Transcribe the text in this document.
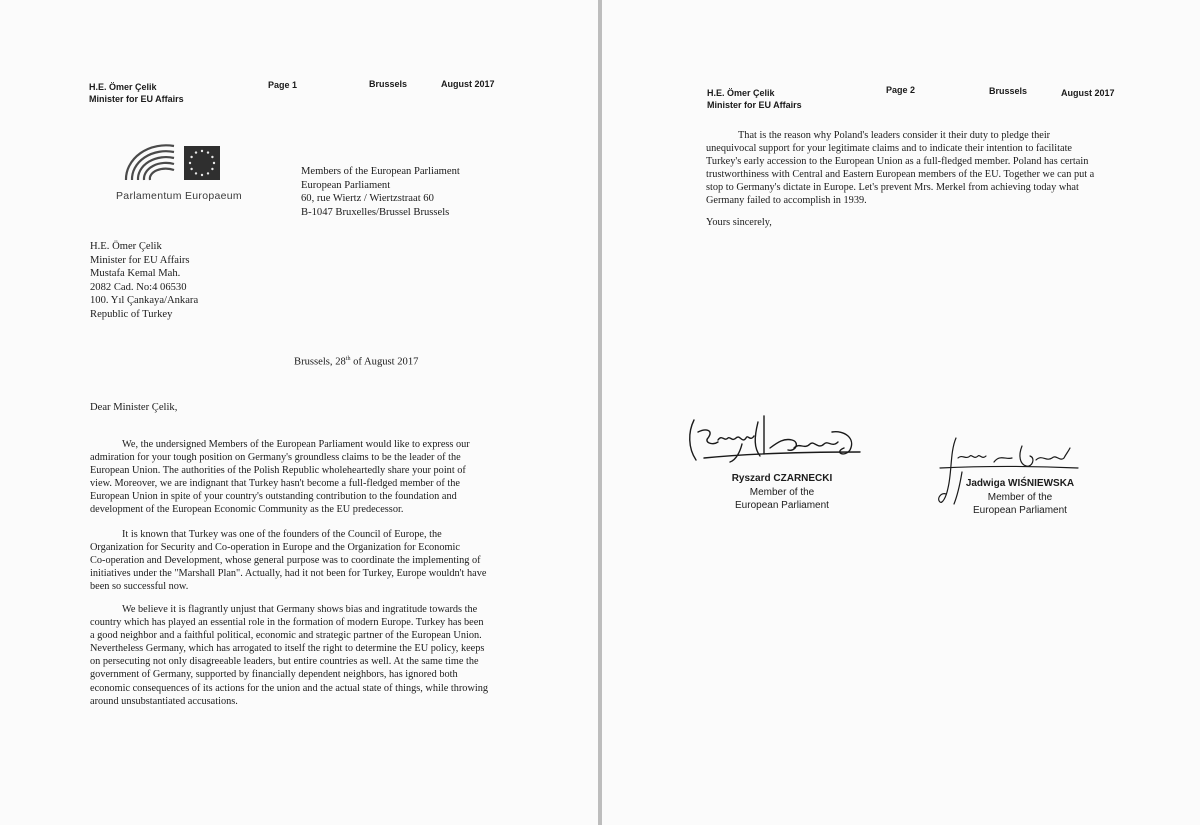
H.E. Ömer Çelik
Minister for EU Affairs
Page 1	Brussels	August 2017
Parlamentum Europaeum
Members of the European Parliament
European Parliament
60, rue Wiertz / Wiertzstraat 60
B-1047 Bruxelles/Brussel Brussels
H.E. Ömer Çelik
Minister for EU Affairs
Mustafa Kemal Mah.
2082 Cad. No:4 06530
100. Yıl Çankaya/Ankara
Republic of Turkey
Brussels, 28th of August 2017
Dear Minister Çelik,
We, the undersigned Members of the European Parliament would like to express our
admiration for your tough position on Germany's groundless claims to be the leader of the
European Union. The authorities of the Polish Republic wholeheartedly share your point of
view. Moreover, we are indignant that Turkey hasn't become a full-fledged member of the
European Union in spite of your country's outstanding contribution to the foundation and
development of the European Economic Community as the EU predecessor.
It is known that Turkey was one of the founders of the Council of Europe, the
Organization for Security and Co-operation in Europe and the Organization for Economic
Co-operation and Development, whose general purpose was to coordinate the implementing of
initiatives under the "Marshall Plan". Actually, had it not been for Turkey, Europe wouldn't have
been so successful now.
We believe it is flagrantly unjust that Germany shows bias and ingratitude towards the
country which has played an essential role in the formation of modern Europe. Turkey has been
a good neighbor and a faithful political, economic and strategic partner of the European Union.
Nevertheless Germany, which has arrogated to itself the right to determine the EU policy, keeps
on persecuting not only disagreeable leaders, but entire countries as well. At the same time the
government of Germany, supported by financially dependent neighbors, has ignored both
economic consequences of its actions for the union and the actual state of things, while throwing
around unsubstantiated accusations.
H.E. Ömer Çelik
Minister for EU Affairs
Page 2	Brussels	August 2017
That is the reason why Poland's leaders consider it their duty to pledge their
unequivocal support for your legitimate claims and to indicate their intention to facilitate
Turkey's early accession to the European Union as a full-fledged member. Poland has certain
trustworthiness with Central and Eastern European members of the EU. Together we can put a
stop to Germany's dictate in Europe. Let's prevent Mrs. Merkel from achieving today what
Germany failed to accomplish in 1939.
Yours sincerely,
Ryszard CZARNECKI
Member of the
European Parliament
Jadwiga WIŚNIEWSKA
Member of the
European Parliament
